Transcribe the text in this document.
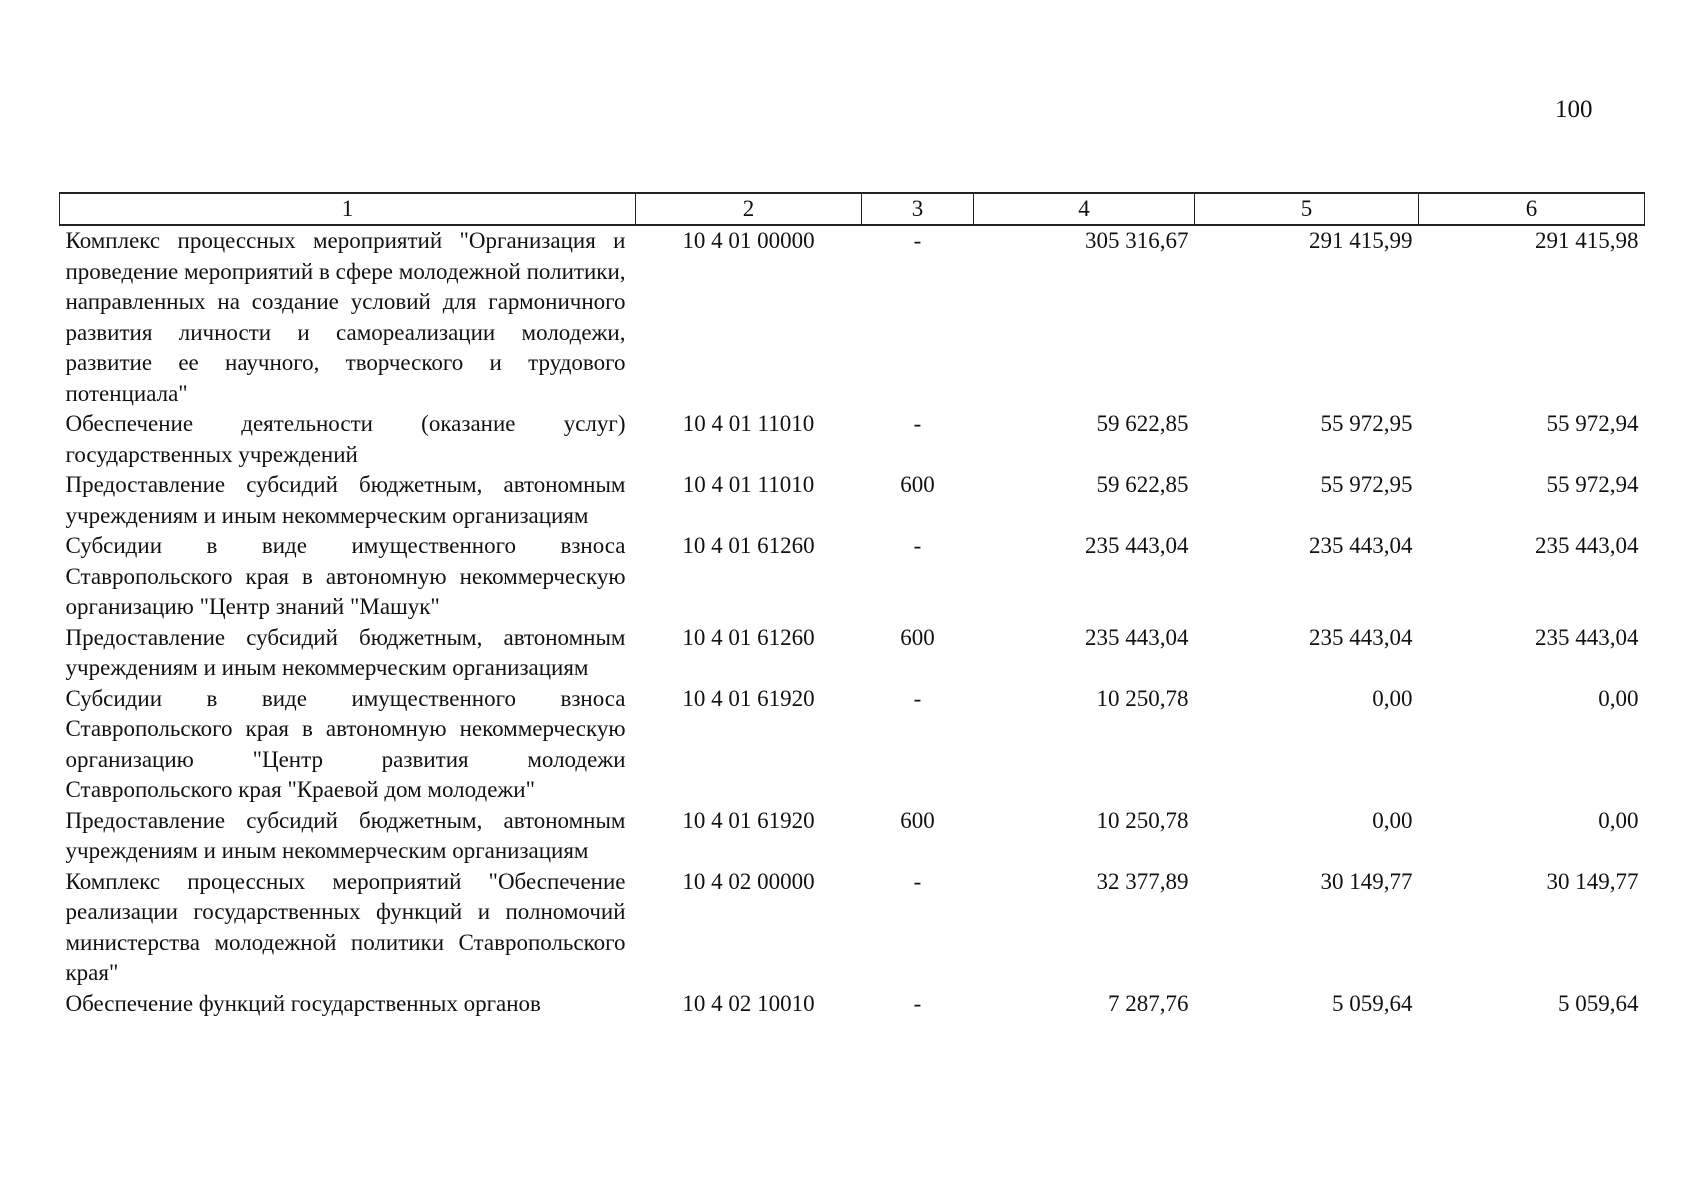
100
1	2	3	4	5	6
Комплекс процессных мероприятий "Организация и проведение мероприятий в сфере молодежной политики, направленных на создание условий для гармоничного развития личности и самореализации молодежи, развитие ее научного, творческого и трудового потенциала"	10 4 01 00000	-	305 316,67	291 415,99	291 415,98
Обеспечение деятельности (оказание услуг) государственных учреждений	10 4 01 11010	-	59 622,85	55 972,95	55 972,94
Предоставление субсидий бюджетным, автономным учреждениям и иным некоммерческим организациям	10 4 01 11010	600	59 622,85	55 972,95	55 972,94
Субсидии в виде имущественного взноса Ставропольского края в автономную некоммерческую организацию "Центр знаний "Машук"	10 4 01 61260	-	235 443,04	235 443,04	235 443,04
Предоставление субсидий бюджетным, автономным учреждениям и иным некоммерческим организациям	10 4 01 61260	600	235 443,04	235 443,04	235 443,04
Субсидии в виде имущественного взноса Ставропольского края в автономную некоммерческую организацию "Центр развития молодежи Ставропольского края "Краевой дом молодежи"	10 4 01 61920	-	10 250,78	0,00	0,00
Предоставление субсидий бюджетным, автономным учреждениям и иным некоммерческим организациям	10 4 01 61920	600	10 250,78	0,00	0,00
Комплекс процессных мероприятий "Обеспечение реализации государственных функций и полномочий министерства молодежной политики Ставропольского края"	10 4 02 00000	-	32 377,89	30 149,77	30 149,77
Обеспечение функций государственных органов	10 4 02 10010	-	7 287,76	5 059,64	5 059,64
